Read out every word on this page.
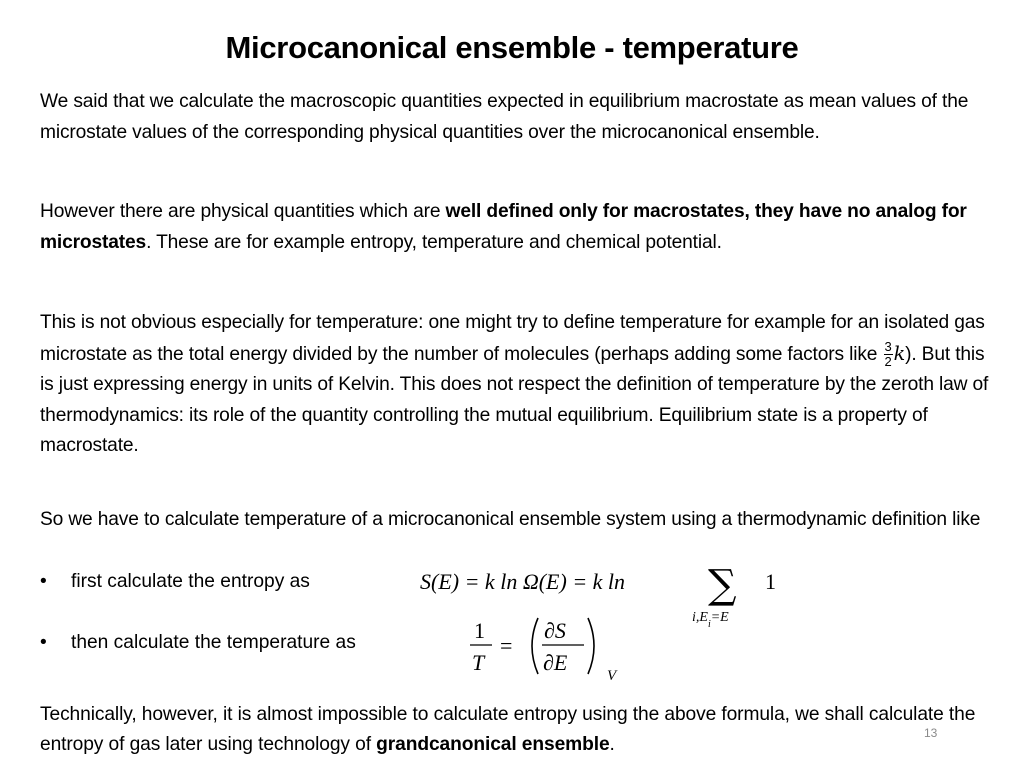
Microcanonical ensemble - temperature
We said that we calculate the macroscopic quantities expected in equilibrium macrostate as mean values of the microstate values of the corresponding physical quantities over the microcanonical ensemble.
However there are physical quantities which are well defined only for macrostates, they have no analog for microstates. These are for example entropy, temperature and chemical potential.
This is not obvious especially for temperature: one might try to define temperature for example for an isolated gas microstate as the total energy divided by the number of molecules (perhaps adding some factors like $\frac{3}{2} k$). But this is just expressing energy in units of Kelvin. This does not respect the definition of temperature by the zeroth law of thermodynamics: its role of the quantity controlling the mutual equilibrium. Equilibrium state is a property of macrostate.
So we have to calculate temperature of a microcanonical ensemble system using a thermodynamic definition like
• first calculate the entropy as
• then calculate the temperature as
S(E) = k ln Ω(E) = k ln ∑
$i,E_i=E$
1
1
T
=
∂S
∂E
V
Technically, however, it is almost impossible to calculate entropy using the above formula, we shall calculate the entropy of gas later using technology of grandcanonical ensemble.
13
